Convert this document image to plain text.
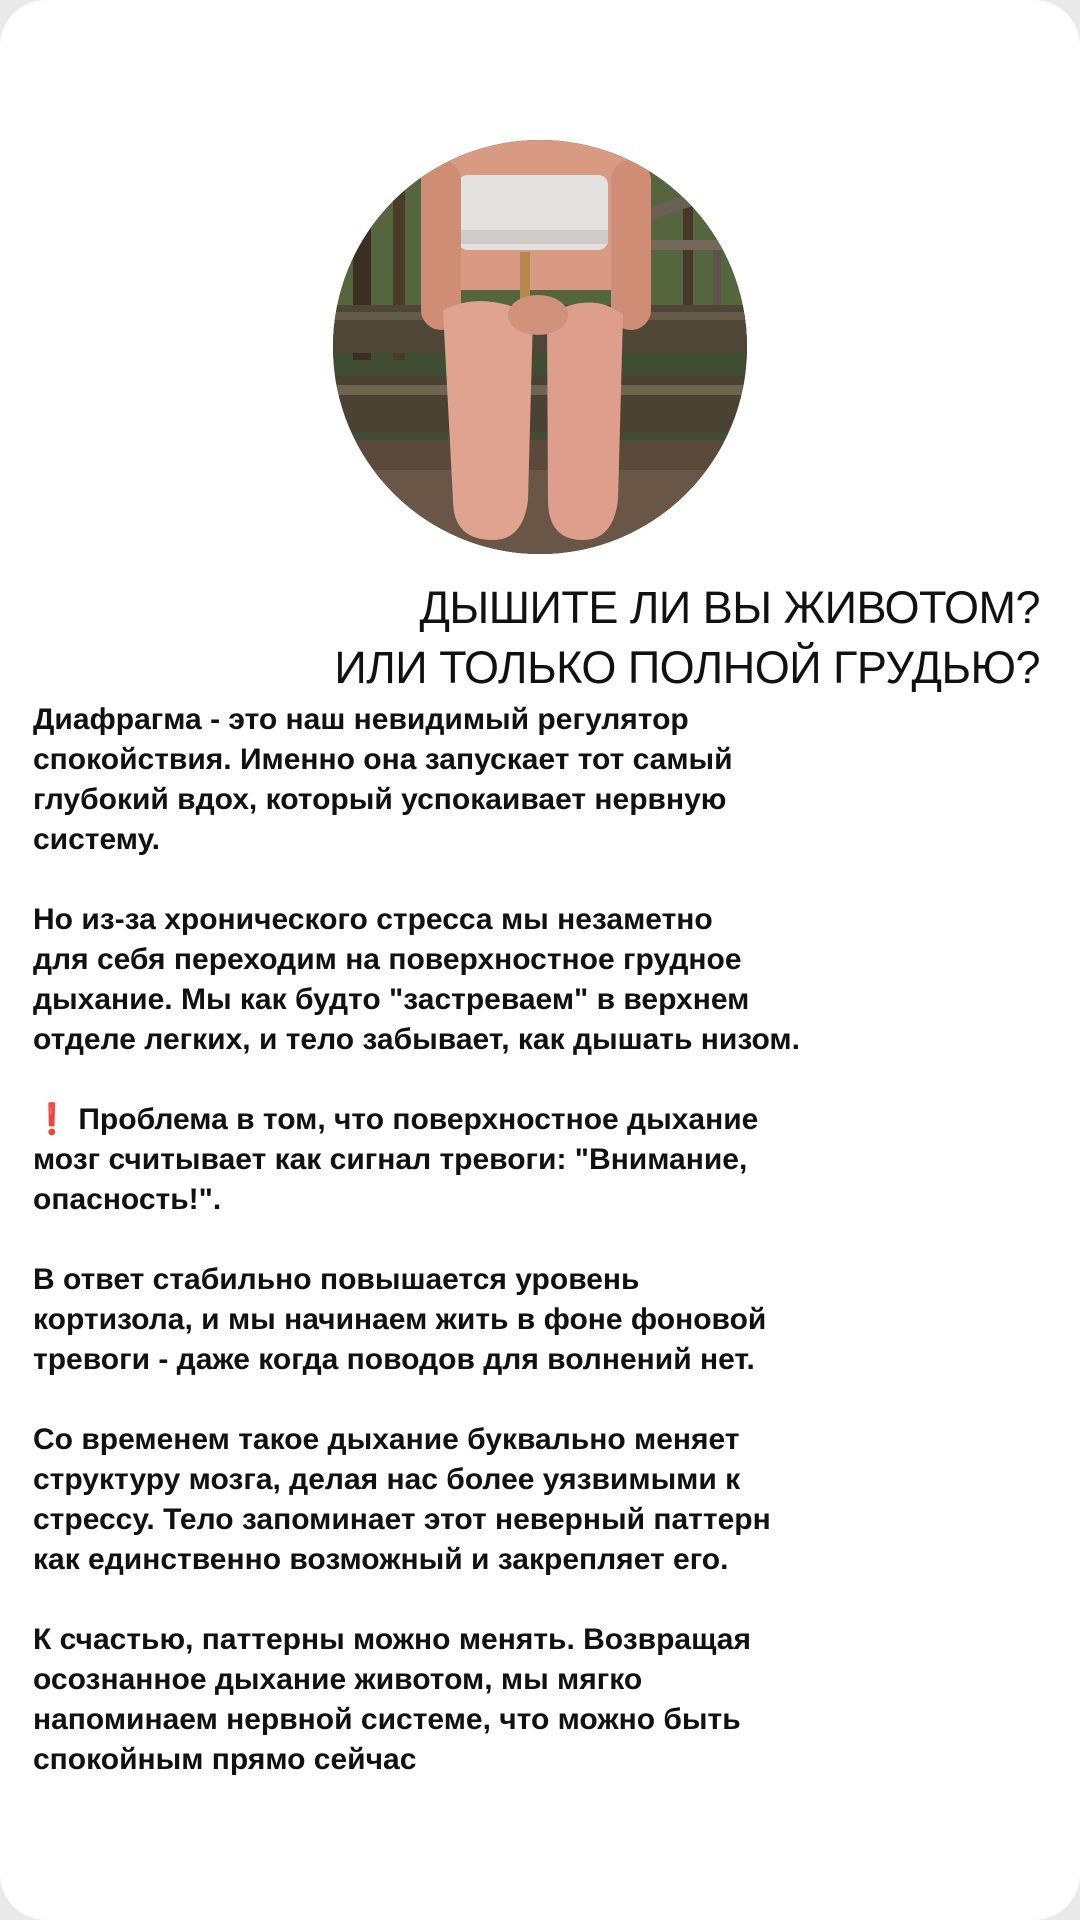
ДЫШИТЕ ЛИ ВЫ ЖИВОТОМ?
ИЛИ ТОЛЬКО ПОЛНОЙ ГРУДЬЮ?
Диафрагма - это наш невидимый регулятор
спокойствия. Именно она запускает тот самый
глубокий вдох, который успокаивает нервную
систему.
Но из-за хронического стресса мы незаметно
для себя переходим на поверхностное грудное
дыхание. Мы как будто "застреваем" в верхнем
отделе легких, и тело забывает, как дышать низом.
❗ Проблема в том, что поверхностное дыхание
мозг считывает как сигнал тревоги: "Внимание,
опасность!".
В ответ стабильно повышается уровень
кортизола, и мы начинаем жить в фоне фоновой
тревоги - даже когда поводов для волнений нет.
Со временем такое дыхание буквально меняет
структуру мозга, делая нас более уязвимыми к
стрессу. Тело запоминает этот неверный паттерн
как единственно возможный и закрепляет его.
К счастью, паттерны можно менять. Возвращая
осознанное дыхание животом, мы мягко
напоминаем нервной системе, что можно быть
спокойным прямо сейчас
